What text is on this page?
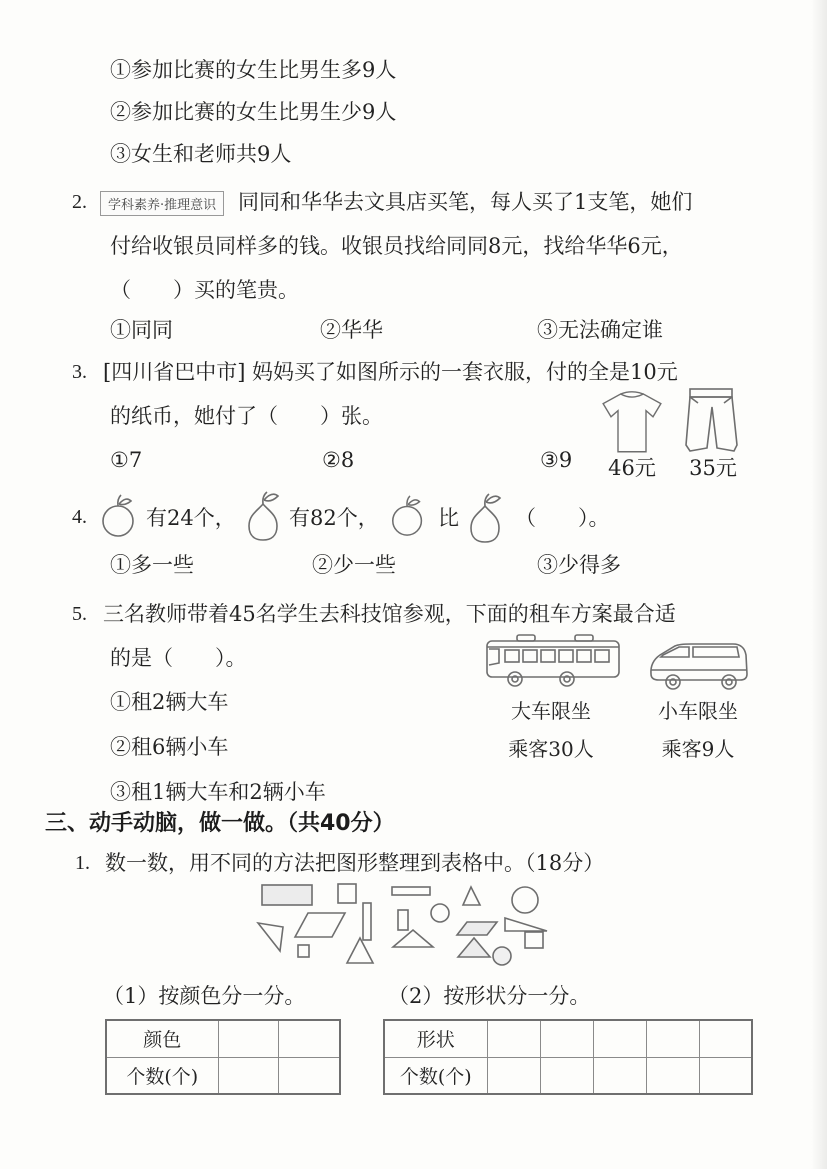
①参加比赛的女生比男生多9人
②参加比赛的女生比男生少9人
③女生和老师共9人
2.	学科素养·推理意识	同同和华华去文具店买笔，每人买了1支笔，她们
付给收银员同样多的钱。收银员找给同同8元，找给华华6元，
（　　）买的笔贵。
①同同	②华华	③无法确定谁
3. [四川省巴中市] 妈妈买了如图所示的一套衣服，付的全是10元
的纸币，她付了（　　）张。
①7	②8	③9	46元	35元
4.	有24个，	有82个，	比	（　　）。
①多一些	②少一些	③少得多
5. 三名教师带着45名学生去科技馆参观，下面的租车方案最合适
的是（　　）。
①租2辆大车
②租6辆小车
③租1辆大车和2辆小车
大车限坐
乘客30人
小车限坐
乘客9人
三、动手动脑，做一做。（共40分）
1. 数一数，用不同的方法把图形整理到表格中。（18分）
（1）按颜色分一分。	（2）按形状分一分。
颜色		
个数(个)		
形状					
个数(个)					
